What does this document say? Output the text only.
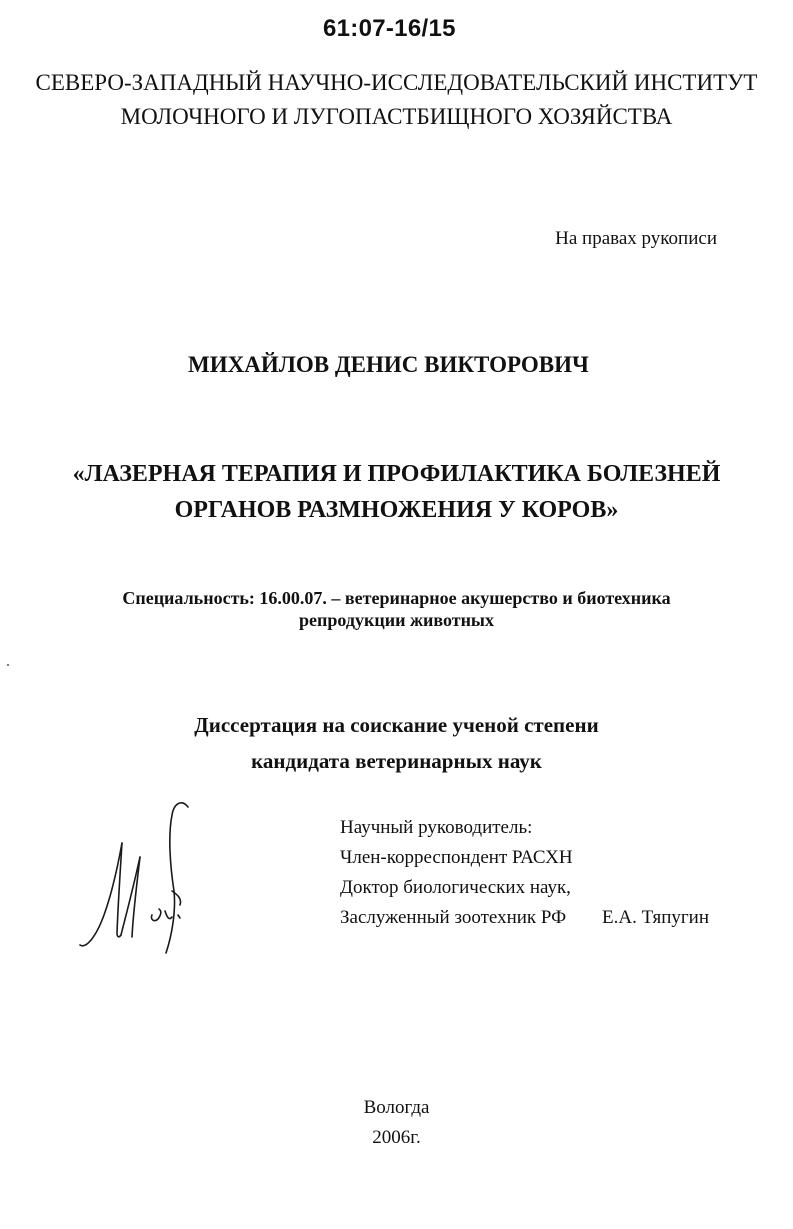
61:07-16/15
СЕВЕРО-ЗАПАДНЫЙ НАУЧНО-ИССЛЕДОВАТЕЛЬСКИЙ ИНСТИТУТ
МОЛОЧНОГО И ЛУГОПАСТБИЩНОГО ХОЗЯЙСТВА
На правах рукописи
МИХАЙЛОВ ДЕНИС ВИКТОРОВИЧ
«ЛАЗЕРНАЯ ТЕРАПИЯ И ПРОФИЛАКТИКА БОЛЕЗНЕЙ
ОРГАНОВ РАЗМНОЖЕНИЯ У КОРОВ»
Специальность: 16.00.07. – ветеринарное акушерство и биотехника
репродукции животных
Диссертация на соискание ученой степени
кандидата ветеринарных наук
Научный руководитель:
Член-корреспондент РАСХН
Доктор биологических наук,
Заслуженный зоотехник РФ Е.А. Тяпугин
Вологда
2006г.
